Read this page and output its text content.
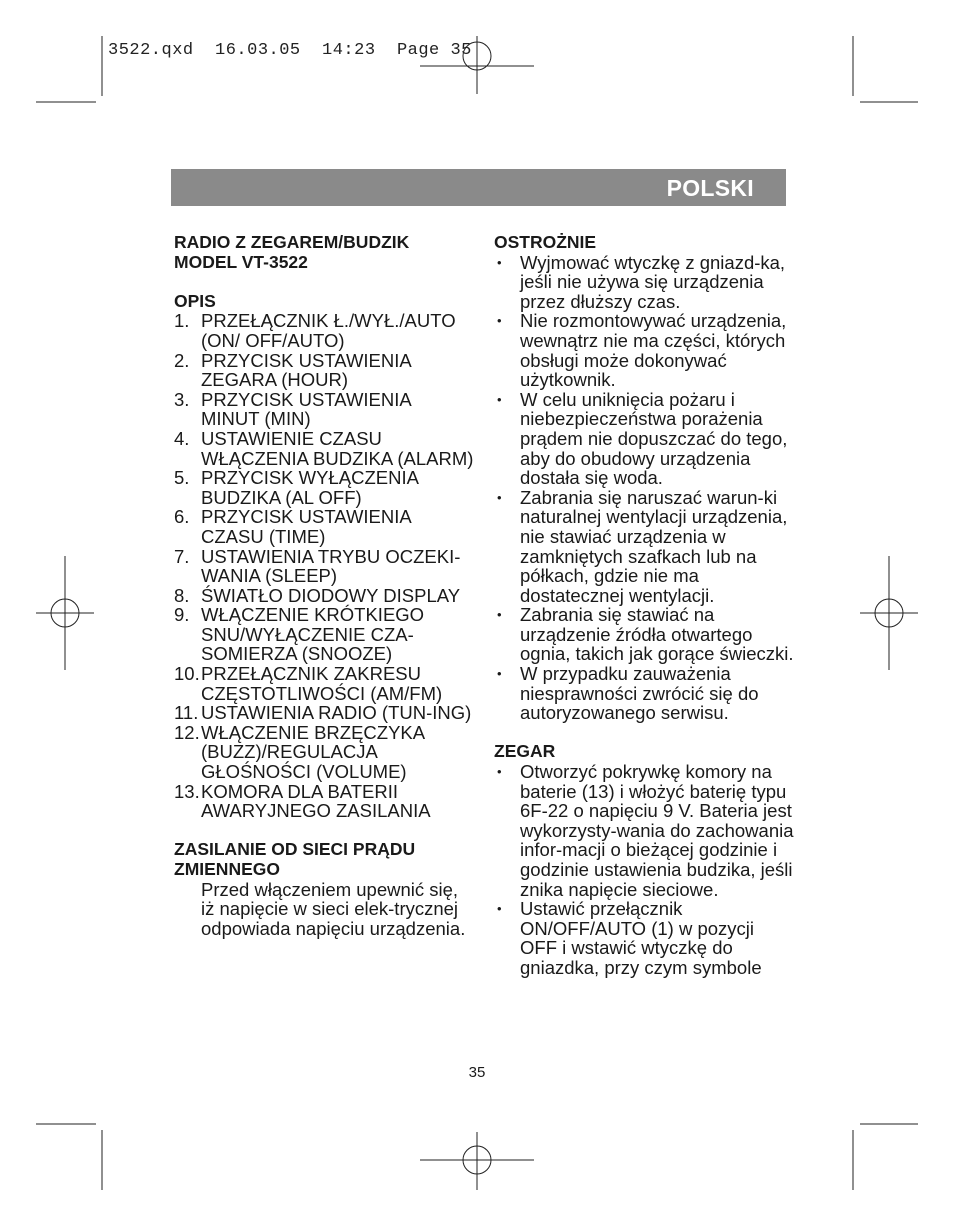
3522.qxd  16.03.05  14:23  Page 35
POLSKI
RADIO Z ZEGAREM/BUDZIK
MODEL VT-3522
OPIS
1. PRZEŁĄCZNIK Ł./WYŁ./AUTO (ON/ OFF/AUTO)
2. PRZYCISK USTAWIENIA ZEGARA (HOUR)
3. PRZYCISK USTAWIENIA MINUT (MIN)
4. USTAWIENIE CZASU WŁĄCZENIA BUDZIKA (ALARM)
5. PRZYCISK WYŁĄCZENIA BUDZIKA (AL OFF)
6. PRZYCISK USTAWIENIA CZASU (TIME)
7. USTAWIENIA TRYBU OCZEKI-WANIA (SLEEP)
8. ŚWIATŁO DIODOWY DISPLAY
9. WŁĄCZENIE KRÓTKIEGO SNU/WYŁĄCZENIE CZA-SOMIERZA (SNOOZE)
10. PRZEŁĄCZNIK ZAKRESU CZĘSTOTLIWOŚCI (AM/FM)
11. USTAWIENIA RADIO (TUN-ING)
12. WŁĄCZENIE BRZĘCZYKA (BUZZ)/REGULACJA GŁOŚNOŚCI (VOLUME)
13. KOMORA DLA BATERII AWARYJNEGO ZASILANIA
ZASILANIE OD SIECI PRĄDU
ZMIENNEGO
Przed włączeniem upewnić się, iż napięcie w sieci elek-trycznej odpowiada napięciu urządzenia.
OSTROŻNIE
• Wyjmować wtyczkę z gniazd-ka, jeśli nie używa się urządzenia przez dłuższy czas.
• Nie rozmontowywać urządzenia, wewnątrz nie ma części, których obsługi może dokonywać użytkownik.
• W celu uniknięcia pożaru i niebezpieczeństwa porażenia prądem nie dopuszczać do tego, aby do obudowy urządzenia dostała się woda.
• Zabrania się naruszać warun-ki naturalnej wentylacji urządzenia, nie stawiać urządzenia w zamkniętych szafkach lub na półkach, gdzie nie ma dostatecznej wentylacji.
• Zabrania się stawiać na urządzenie źródła otwartego ognia, takich jak gorące świeczki.
• W przypadku zauważenia niesprawności zwrócić się do autoryzowanego serwisu.
ZEGAR
• Otworzyć pokrywkę komory na baterie (13) i włożyć baterię typu 6F-22 o napięciu 9 V. Bateria jest wykorzysty-wania do zachowania infor-macji o bieżącej godzinie i godzinie ustawienia budzika, jeśli znika napięcie sieciowe.
• Ustawić przełącznik ON/OFF/AUTO (1) w pozycji OFF i wstawić wtyczkę do gniazdka, przy czym symbole
35
